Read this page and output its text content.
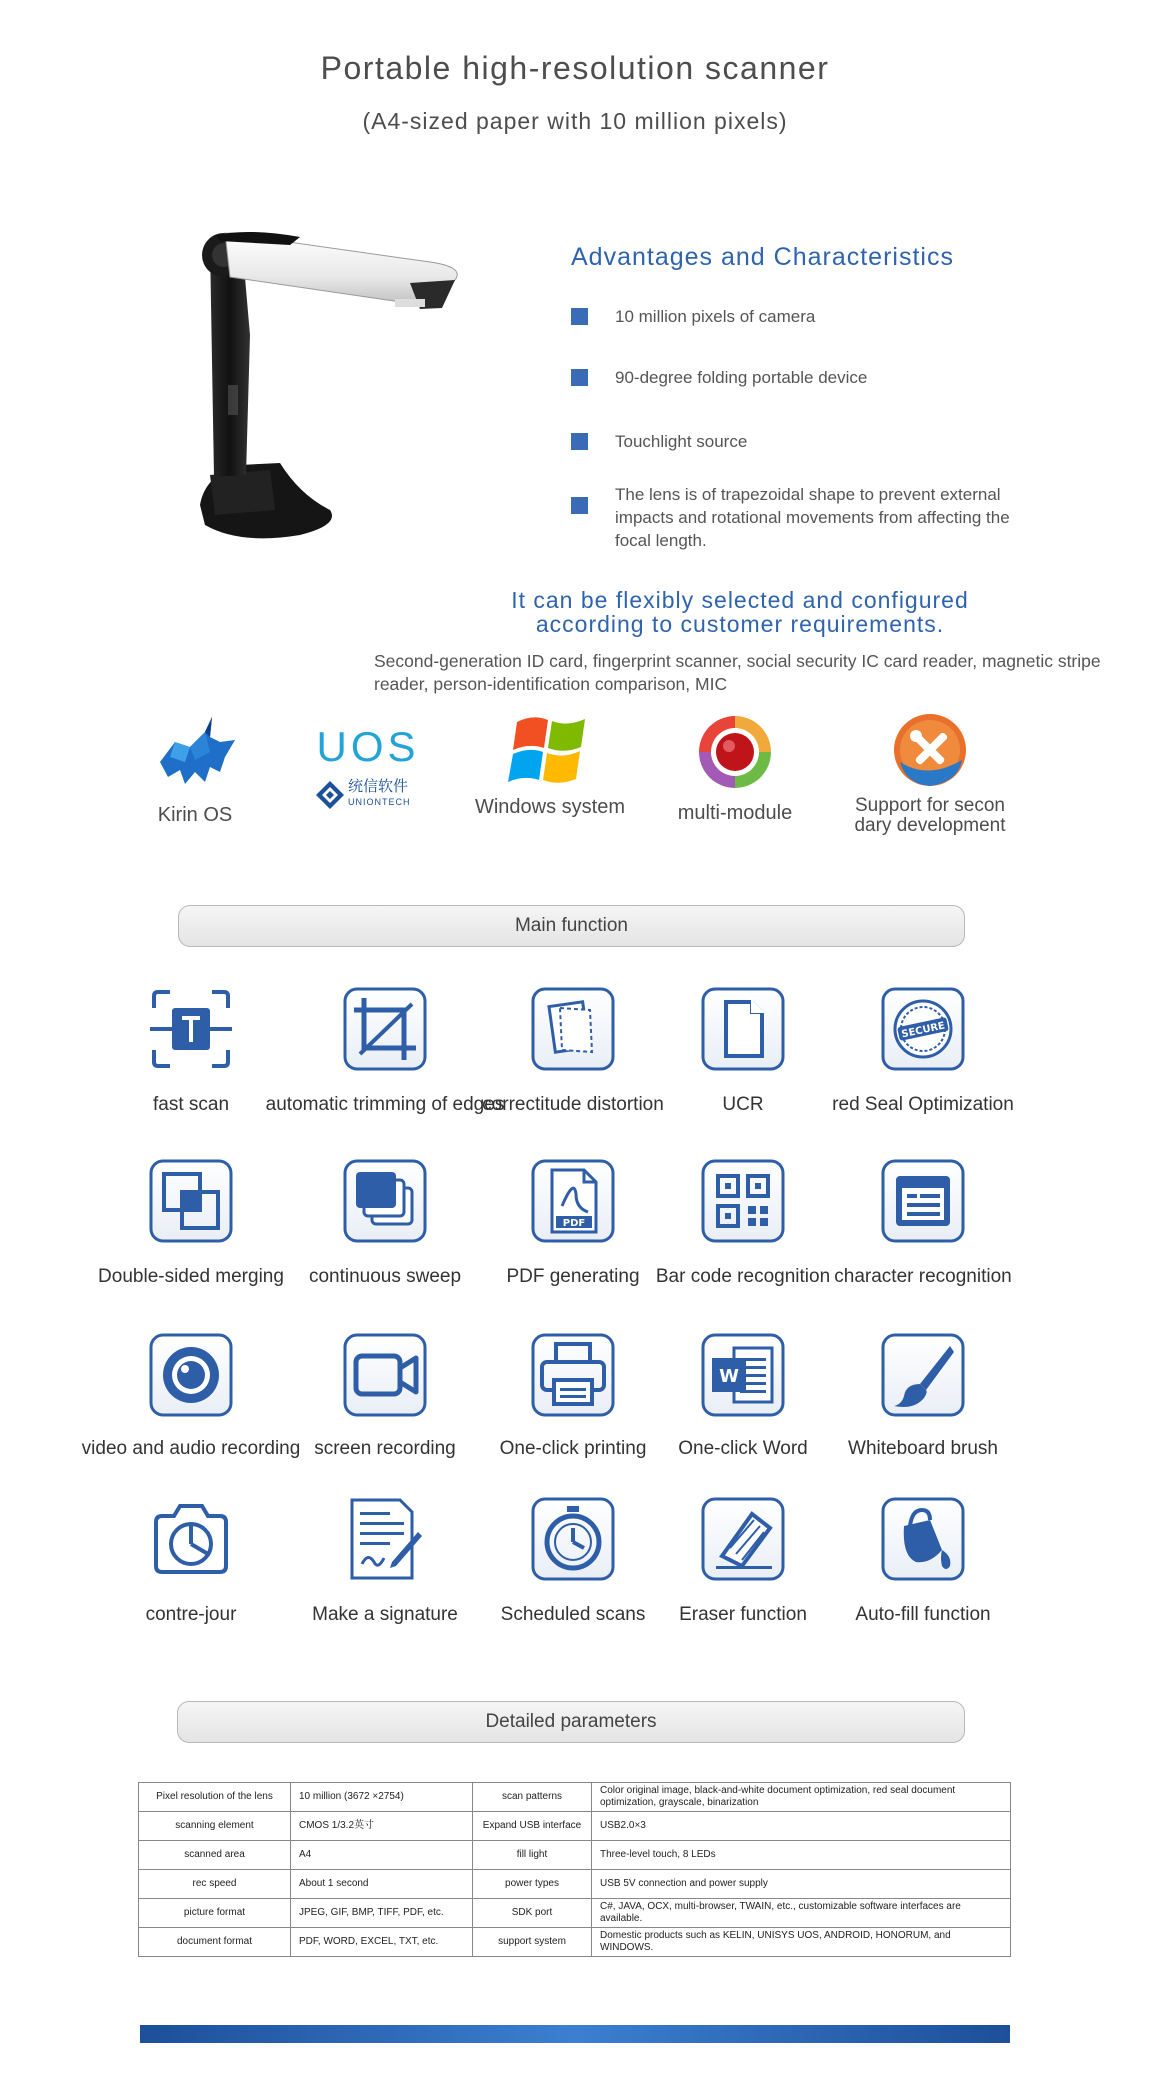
Portable high-resolution scanner
(A4-sized paper with 10 million pixels)
Advantages and Characteristics
10 million pixels of camera
90-degree folding portable device
Touchlight source
The lens is of trapezoidal shape to prevent external impacts and rotational movements from affecting the focal length.
It can be flexibly selected and configured
according to customer requirements.
Second-generation ID card, fingerprint scanner, social security IC card reader, magnetic stripe reader, person-identification comparison, MIC
Kirin OS
UOS
统信软件
UNIONTECH	Windows system	multi-module	Support for secon
dary development
Main function
fast scan	automatic trimming of edges
correctitude distortion	UCR
SECURE
red Seal Optimization
Double-sided merging	continuous sweep
PDF
PDF generating Bar code recognition character recognition
video and audio recording screen recording	One-click printing
W
One-click Word	Whiteboard brush
contre-jour	Make a signature	Scheduled scans	Eraser function	Auto-fill function
Detailed parameters
Pixel resolution of the lens	10 million (3672 ×2754)	scan patterns	Color original image, black-and-white document optimization, red seal document optimization, grayscale, binarization
scanning element	CMOS 1/3.2英寸	Expand USB interface	USB2.0×3
scanned area	A4	fill light	Three-level touch, 8 LEDs
rec speed	About 1 second	power types	USB 5V connection and power supply
picture format	JPEG, GIF, BMP, TIFF, PDF, etc.	SDK port	C#, JAVA, OCX, multi-browser, TWAIN, etc., customizable software interfaces are available.
document format	PDF, WORD, EXCEL, TXT, etc.	support system	Domestic products such as KELIN, UNISYS UOS, ANDROID, HONORUM, and WINDOWS.
